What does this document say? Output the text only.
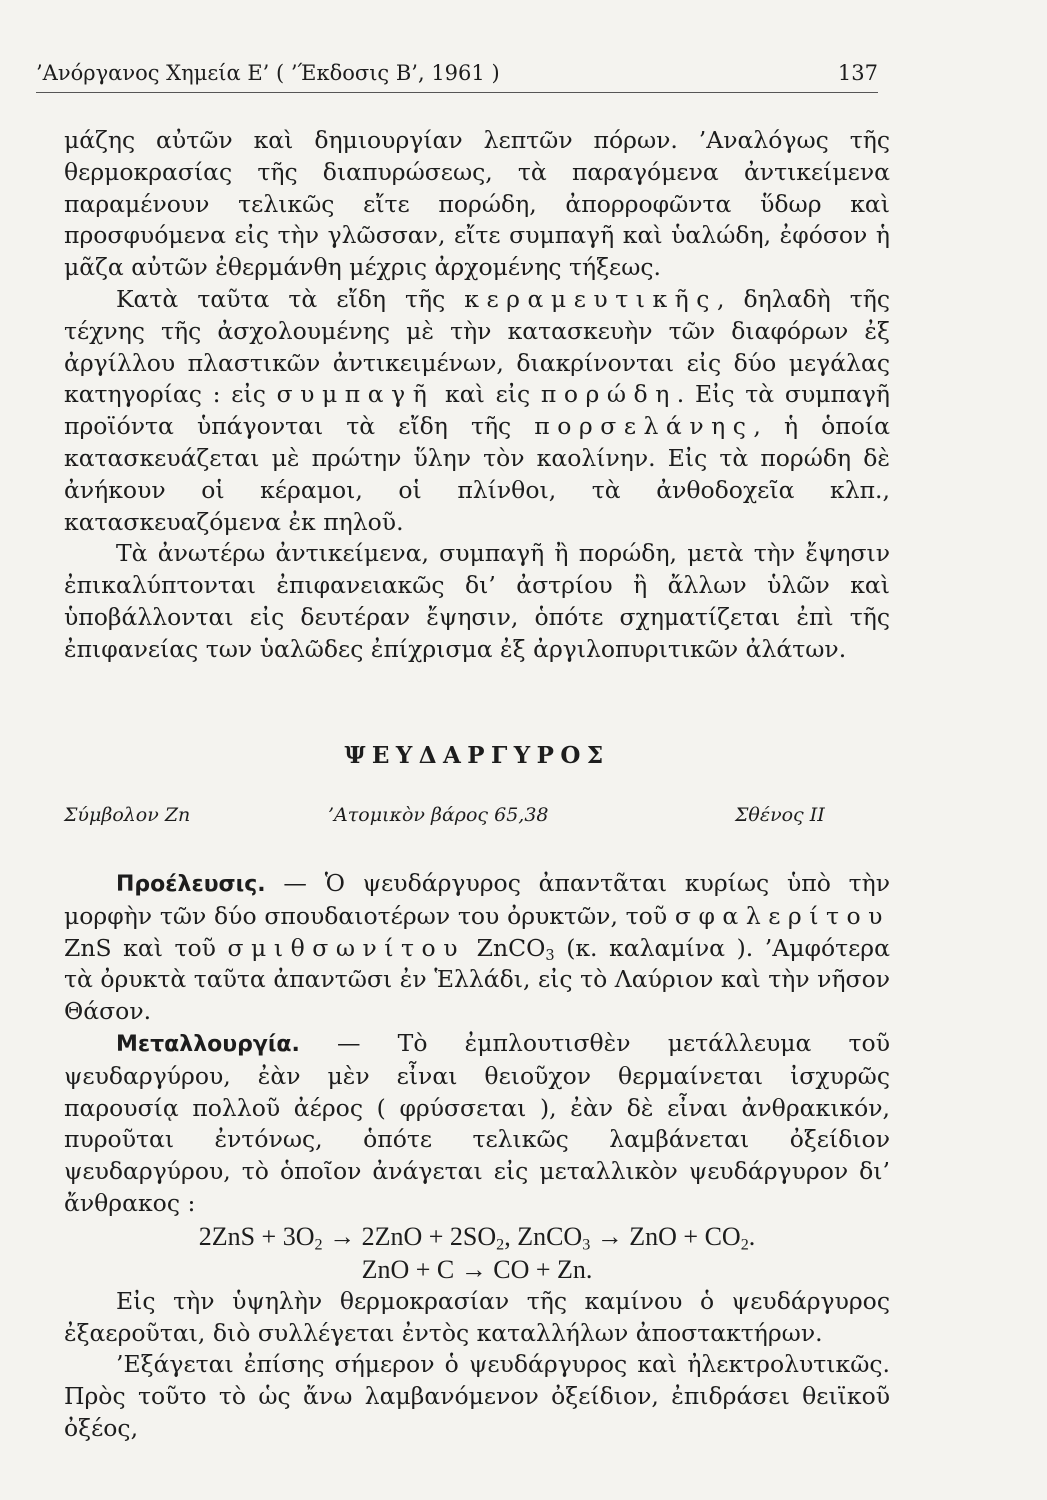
’Ανόργανος Χημεία Ε’ ( ’Έκδοσις Β’, 1961 )	137

μάζης αὐτῶν καὶ δημιουργίαν λεπτῶν πόρων. ’Αναλόγως τῆς θερμοκρασίας τῆς διαπυρώσεως, τὰ παραγόμενα ἀντικείμενα παραμένουν τελικῶς εἴτε πορώδη, ἀπορροφῶντα ὕδωρ καὶ προσφυόμενα εἰς τὴν γλῶσσαν, εἴτε συμπαγῆ καὶ ὑαλώδη, ἐφόσον ἡ μᾶζα αὐτῶν ἐθερμάνθη μέχρις ἀρχομένης τήξεως.

Κατὰ ταῦτα τὰ εἴδη τῆς κεραμευτικῆς, δηλαδὴ τῆς τέχνης τῆς ἀσχολουμένης μὲ τὴν κατασκευὴν τῶν διαφόρων ἐξ ἀργίλλου πλαστικῶν ἀντικειμένων, διακρίνονται εἰς δύο μεγάλας κατηγορίας : εἰς συμπαγῆ καὶ εἰς πορώδη. Εἰς τὰ συμπαγῆ προϊόντα ὑπάγονται τὰ εἴδη τῆς πορσελάνης, ἡ ὁποία κατασκευάζεται μὲ πρώτην ὕλην τὸν καολίνην. Εἰς τὰ πορώδη δὲ ἀνήκουν οἱ κέραμοι, οἱ πλίνθοι, τὰ ἀνθοδοχεῖα κλπ., κατασκευαζόμενα ἐκ πηλοῦ.

Τὰ ἀνωτέρω ἀντικείμενα, συμπαγῆ ἢ πορώδη, μετὰ τὴν ἔψησιν ἐπικαλύπτονται ἐπιφανειακῶς δι’ ἀστρίου ἢ ἄλλων ὑλῶν καὶ ὑποβάλλονται εἰς δευτέραν ἔψησιν, ὁπότε σχηματίζεται ἐπὶ τῆς ἐπιφανείας των ὑαλῶδες ἐπίχρισμα ἐξ ἀργιλοπυριτικῶν ἀλάτων.

ΨΕΥΔΑΡΓΥΡΟΣ
Σύμβολον Zn	’Ατομικὸν βάρος 65,38	Σθένος II

Προέλευσις. — Ὁ ψευδάργυρος ἀπαντᾶται κυρίως ὑπὸ τὴν μορφὴν τῶν δύο σπουδαιοτέρων του ὀρυκτῶν, τοῦ σφαλερίτου ZnS καὶ τοῦ σμιθσωνίτου ZnCO$_3$ (κ. καλαμίνα ). ’Αμφότερα τὰ ὀρυκτὰ ταῦτα ἀπαντῶσι ἐν Ἑλλάδι, εἰς τὸ Λαύριον καὶ τὴν νῆσον Θάσον.

Μεταλλουργία. — Τὸ ἐμπλουτισθὲν μετάλλευμα τοῦ ψευδαργύρου, ἐὰν μὲν εἶναι θειοῦχον θερμαίνεται ἰσχυρῶς παρουσίᾳ πολλοῦ ἀέρος ( φρύσσεται ), ἐὰν δὲ εἶναι ἀνθρακικόν, πυροῦται ἐντόνως, ὁπότε τελικῶς λαμβάνεται ὀξείδιον ψευδαργύρου, τὸ ὁποῖον ἀνάγεται εἰς μεταλλικὸν ψευδάργυρον δι’ ἄνθρακος :

$2ZnS + 3O_2 \to 2ZnO + 2SO_2$, ZnCO$_3$ → ZnO + $CO_2$.

ZnO + C → CO + Zn.

Εἰς τὴν ὑψηλὴν θερμοκρασίαν τῆς καμίνου ὁ ψευδάργυρος ἐξαεροῦται, διὸ συλλέγεται ἐντὸς καταλλήλων ἀποστακτήρων.

’Εξάγεται ἐπίσης σήμερον ὁ ψευδάργυρος καὶ ἠλεκτρολυτικῶς. Πρὸς τοῦτο τὸ ὡς ἄνω λαμβανόμενον ὀξείδιον, ἐπιδράσει θειϊκοῦ ὀξέος,
